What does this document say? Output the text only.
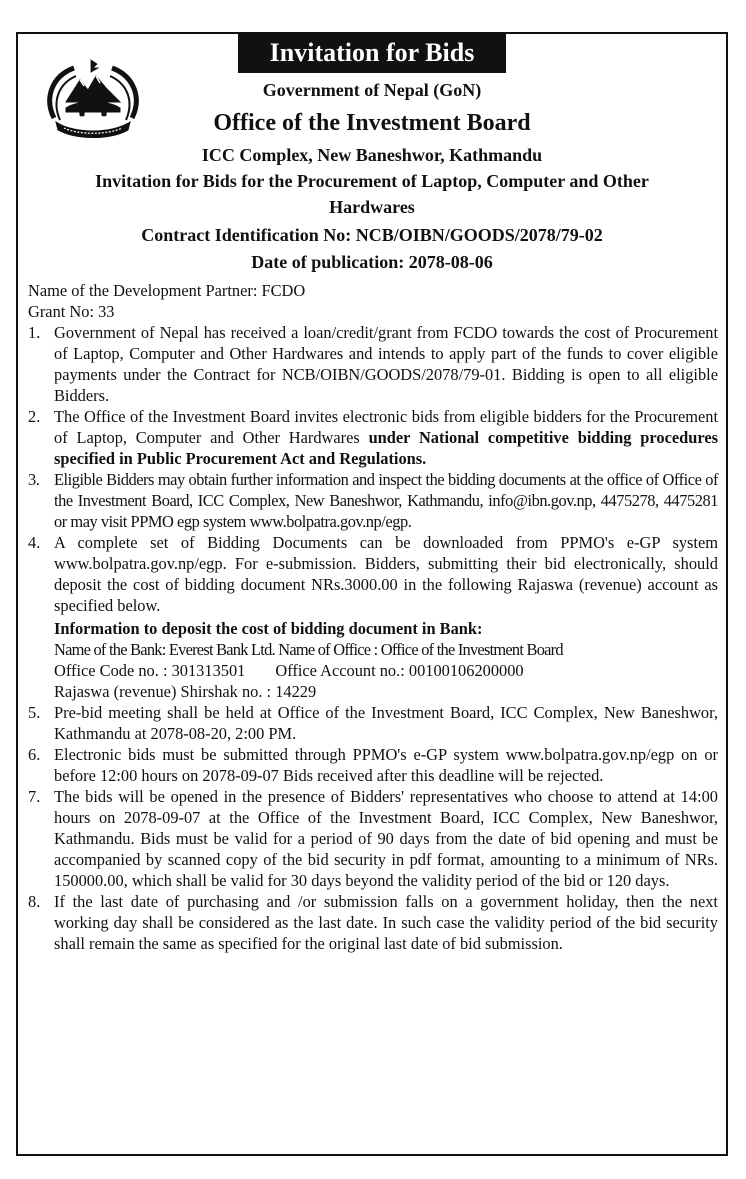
Invitation for Bids
Government of Nepal (GoN)
Office of the Investment Board
ICC Complex, New Baneshwor, Kathmandu
Invitation for Bids for the Procurement of Laptop, Computer and Other
Hardwares
Contract Identification No: NCB/OIBN/GOODS/2078/79-02
Date of publication: 2078-08-06

Name of the Development Partner: FCDO

Grant No: 33

1. Government of Nepal has received a loan/credit/grant from FCDO towards the cost of Procurement of Laptop, Computer and Other Hardwares and intends to apply part of the funds to cover eligible payments under the Contract for NCB/OIBN/GOODS/2078/79-01. Bidding is open to all eligible Bidders.
2. The Office of the Investment Board invites electronic bids from eligible bidders for the Procurement of Laptop, Computer and Other Hardwares under National competitive bidding procedures specified in Public Procurement Act and Regulations.
3. Eligible Bidders may obtain further information and inspect the bidding documents at the office of Office of the Investment Board, ICC Complex, New Baneshwor, Kathmandu, info@ibn.gov.np, 4475278, 4475281 or may visit PPMO egp system www.bolpatra.gov.np/egp.
4. A complete set of Bidding Documents can be downloaded from PPMO's e-GP system www.bolpatra.gov.np/egp. For e-submission. Bidders, submitting their bid electronically, should deposit the cost of bidding document NRs.3000.00 in the following Rajaswa (revenue) account as specified below.

Information to deposit the cost of bidding document in Bank:

Name of the Bank: Everest Bank Ltd. Name of Office : Office of the Investment Board

Office Code no. : 301313501 Office Account no.: 00100106200000

Rajaswa (revenue) Shirshak no. : 14229

5. Pre-bid meeting shall be held at Office of the Investment Board, ICC Complex, New Baneshwor, Kathmandu at 2078-08-20, 2:00 PM.
6. Electronic bids must be submitted through PPMO's e-GP system www.bolpatra.gov.np/egp on or before 12:00 hours on 2078-09-07 Bids received after this deadline will be rejected.
7. The bids will be opened in the presence of Bidders' representatives who choose to attend at 14:00 hours on 2078-09-07 at the Office of the Investment Board, ICC Complex, New Baneshwor, Kathmandu. Bids must be valid for a period of 90 days from the date of bid opening and must be accompanied by scanned copy of the bid security in pdf format, amounting to a minimum of NRs. 150000.00, which shall be valid for 30 days beyond the validity period of the bid or 120 days.
8. If the last date of purchasing and /or submission falls on a government holiday, then the next working day shall be considered as the last date. In such case the validity period of the bid security shall remain the same as specified for the original last date of bid submission.
